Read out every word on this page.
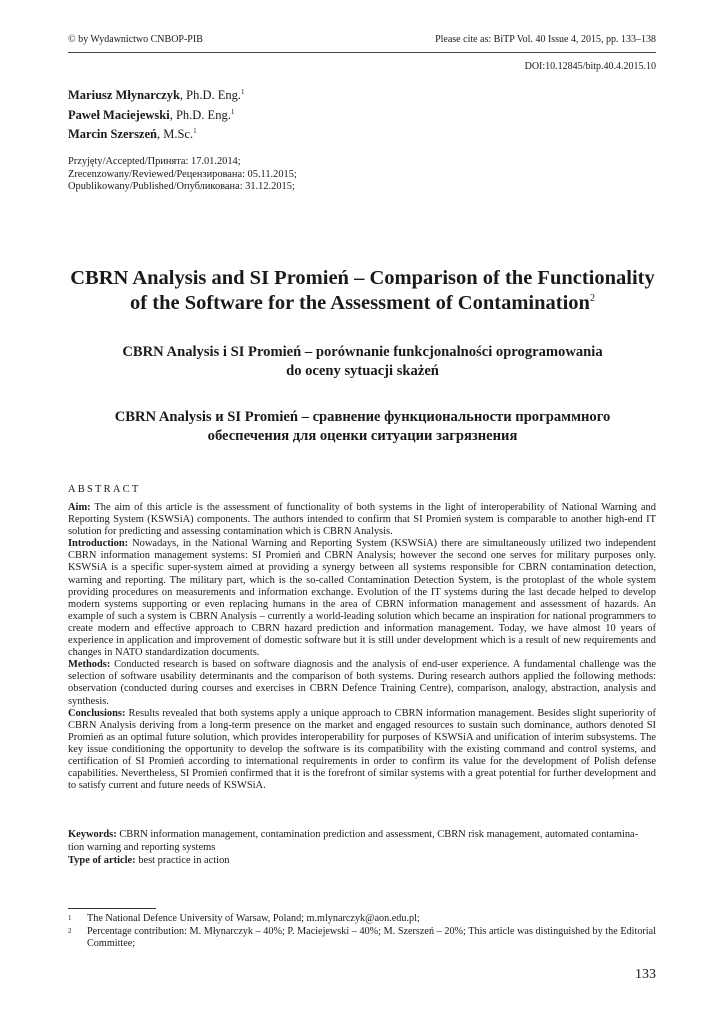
© by Wydawnictwo CNBOP-PIB	Please cite as: BiTP Vol. 40 Issue 4, 2015, pp. 133–138
DOI:10.12845/bitp.40.4.2015.10
Mariusz Młynarczyk, Ph.D. Eng.$^1$
Paweł Maciejewski, Ph.D. Eng.$^1$
Marcin Szerszeń, M.Sc.$^1$
Przyjęty/Accepted/Принята: 17.01.2014;
Zrecenzowany/Reviewed/Рецензирована: 05.11.2015;
Opublikowany/Published/Опубликована: 31.12.2015;
CBRN Analysis and SI Promień – Comparison of the Functionality
of the Software for the Assessment of Contamination$^2$
CBRN Analysis i SI Promień – porównanie funkcjonalności oprogramowania
do oceny sytuacji skażeń
CBRN Analysis и SI Promień – сравнение функциональности программного
обеспечения для оценки ситуации загрязнения
ABSTRACT

Aim: The aim of this article is the assessment of functionality of both systems in the light of interoperability of National Warning and Reporting System (KSWSiA) components. The authors intended to confirm that SI Promień system is comparable to another high-end IT solution for predicting and assessing contamination which is CBRN Analysis.

Introduction: Nowadays, in the National Warning and Reporting System (KSWSiA) there are simultaneously utilized two independent CBRN information management systems: SI Promień and CBRN Analysis; however the second one serves for military purposes only. KSWSiA is a specific super-system aimed at providing a synergy between all systems responsible for CBRN contamination detection, warning and reporting. The military part, which is the so-called Contamination Detection System, is the protoplast of the whole system providing procedures on measurements and information exchange. Evolution of the IT systems during the last decade helped to develop modern systems supporting or even replacing humans in the area of CBRN information management and assessment of hazards. An example of such a system is CBRN Analysis – currently a world-leading solution which became an inspiration for national programmers to create modern and effective approach to CBRN hazard prediction and information management. Today, we have almost 10 years of experience in application and improvement of domestic software but it is still under development which is a result of new requirements and changes in NATO standardization documents.

Methods: Conducted research is based on software diagnosis and the analysis of end-user experience. A fundamental challenge was the selection of software usability determinants and the comparison of both systems. During research authors applied the following methods: observation (conducted during courses and exercises in CBRN Defence Training Centre), comparison, analogy, abstraction, analysis and synthesis.

Conclusions: Results revealed that both systems apply a unique approach to CBRN information management. Besides slight superiority of CBRN Analysis deriving from a long-term presence on the market and engaged resources to sustain such dominance, authors denoted SI Promień as an optimal future solution, which provides interoperability for purposes of KSWSiA and unification of interim subsystems. The key issue conditioning the opportunity to develop the software is its compatibility with the existing command and control systems, and certification of SI Promień according to international requirements in order to confirm its value for the development of Polish defense capabilities. Nevertheless, SI Promień confirmed that it is the forefront of similar systems with a great potential for further development and to satisfy current and future needs of KSWSiA.

Keywords: CBRN information management, contamination prediction and assessment, CBRN risk management, automated contamina-

tion warning and reporting systems

Type of article: best practice in action

1 The National Defence University of Warsaw, Poland; m.mlynarczyk@aon.edu.pl;
2 Percentage contribution: M. Młynarczyk – 40%; P. Maciejewski – 40%; M. Szerszeń – 20%; This article was distinguished by the Editorial Committee;
133
